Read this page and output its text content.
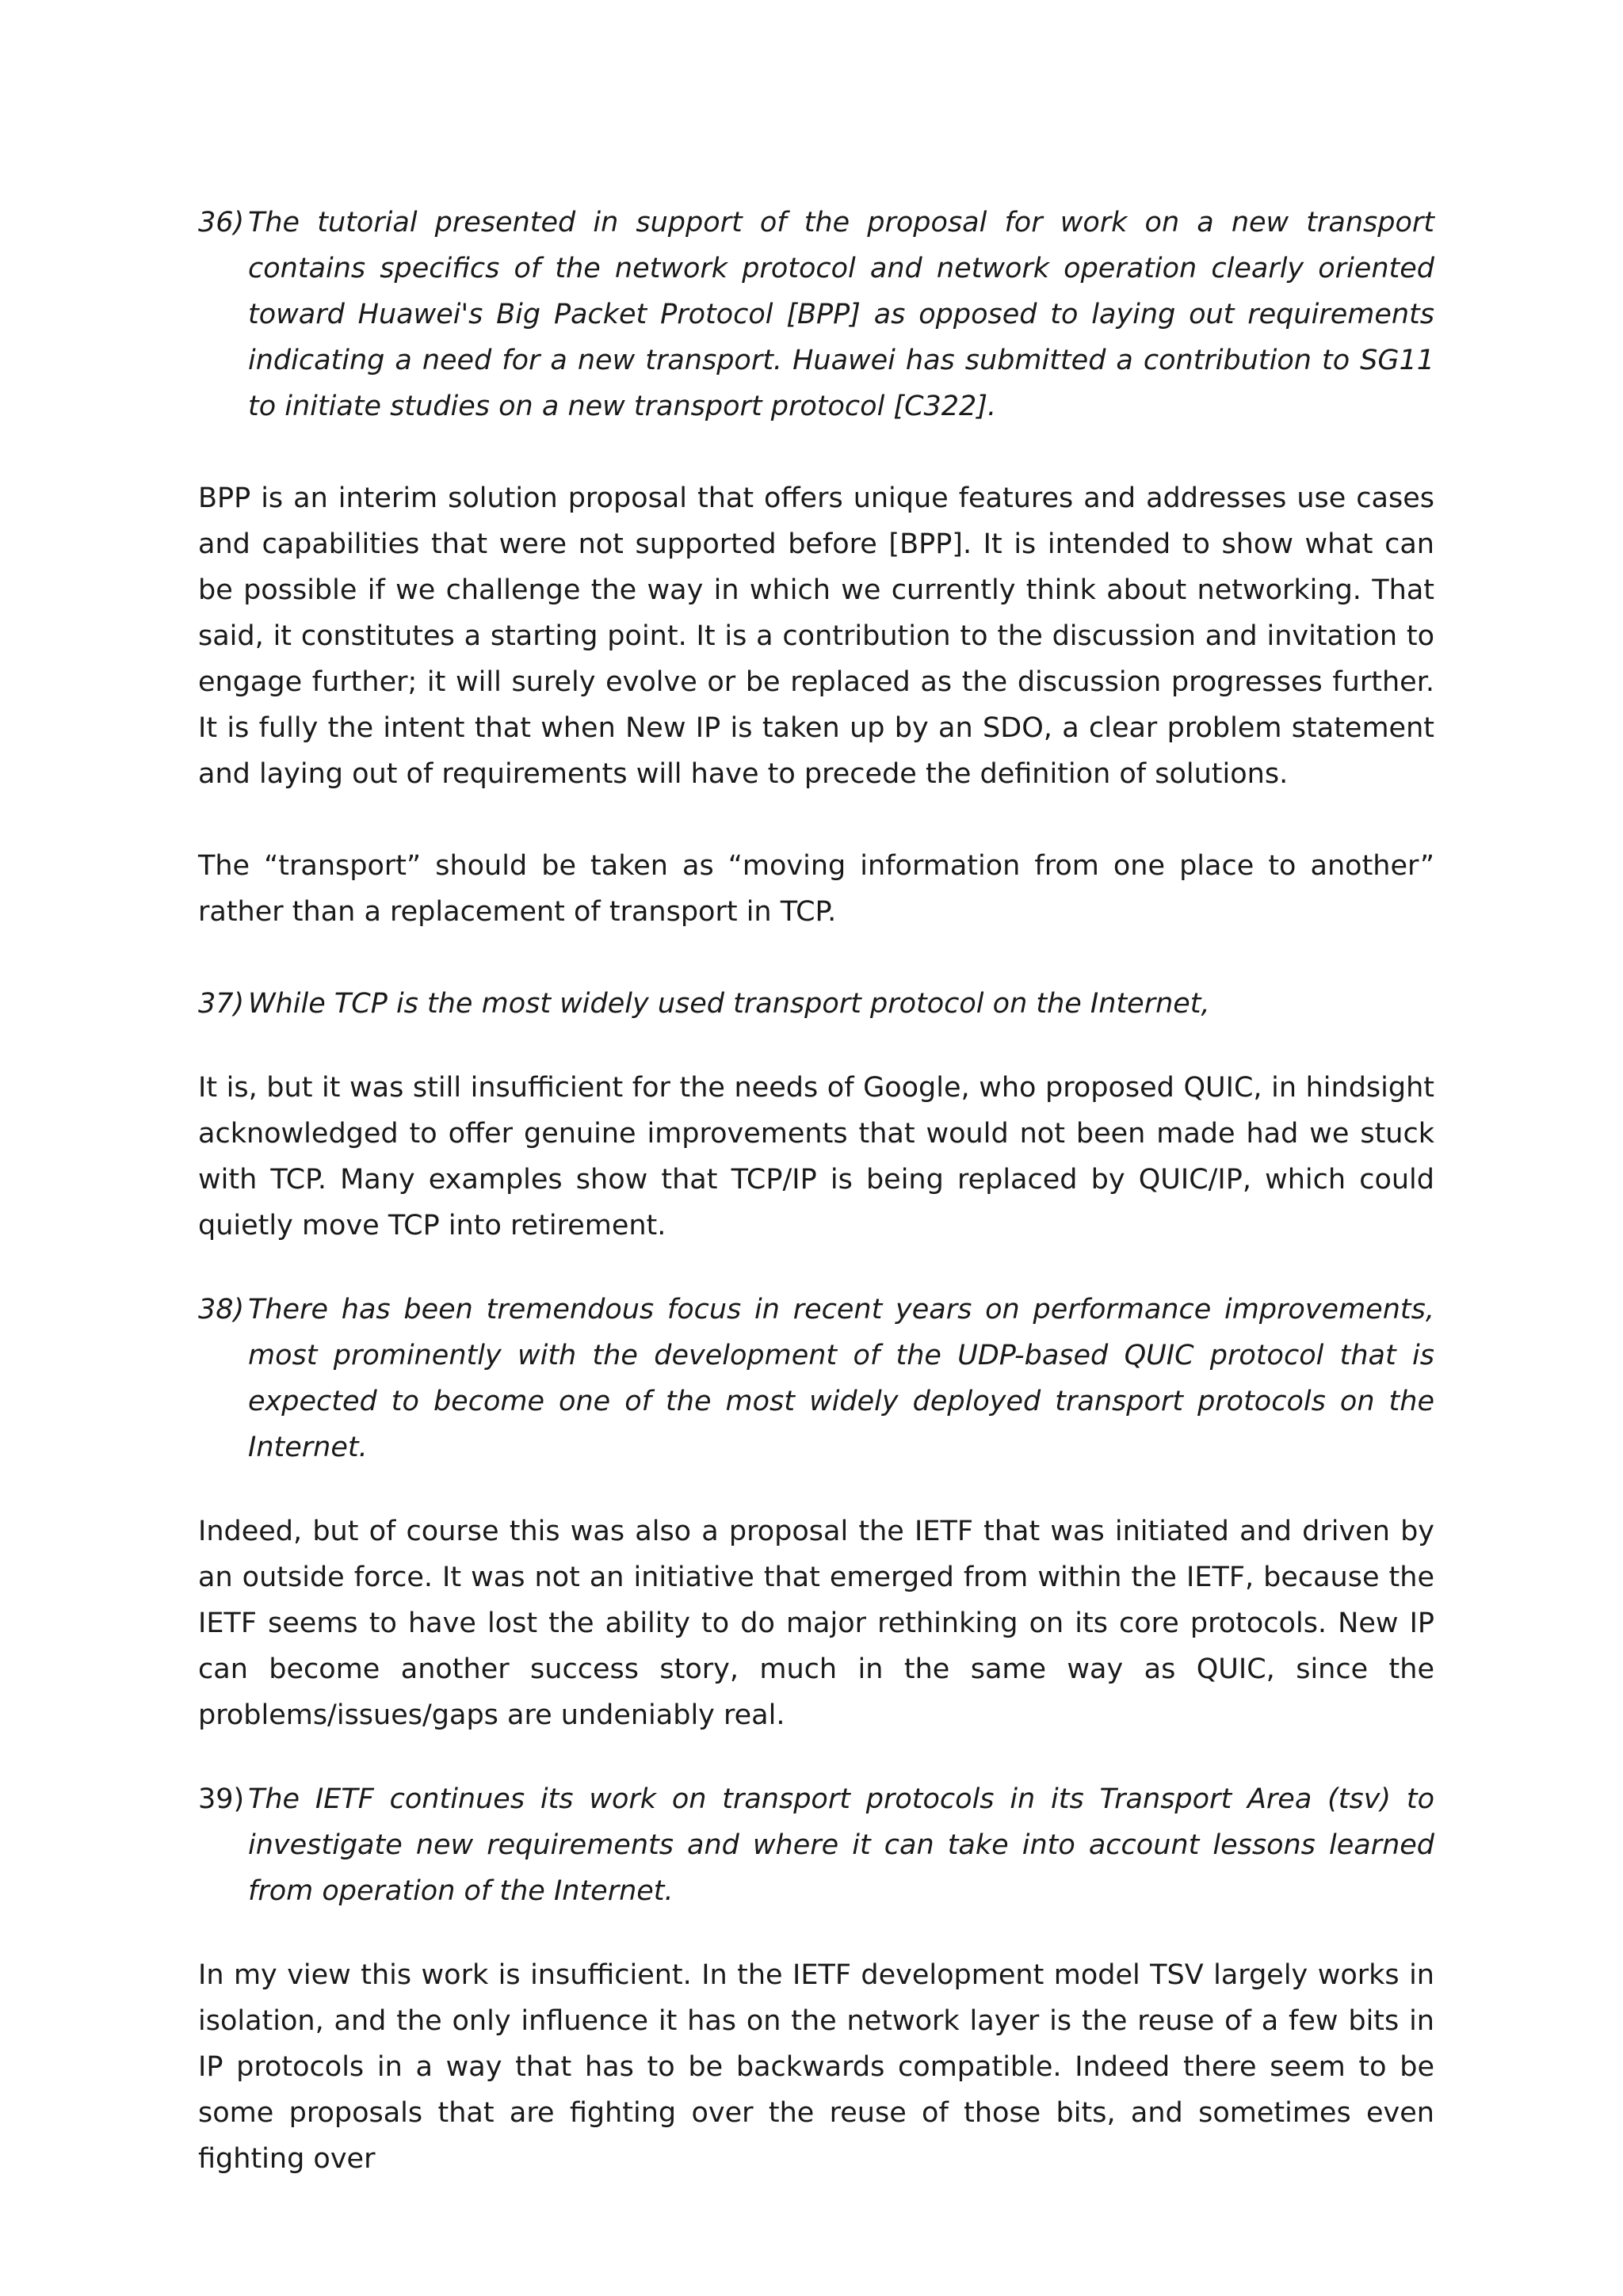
36) The tutorial presented in support of the proposal for work on a new transport contains specifics of the network protocol and network operation clearly oriented toward Huawei's Big Packet Protocol [BPP] as opposed to laying out requirements indicating a need for a new transport. Huawei has submitted a contribution to SG11 to initiate studies on a new transport protocol [C322].

BPP is an interim solution proposal that offers unique features and addresses use cases and capabilities that were not supported before [BPP]. It is intended to show what can be possible if we challenge the way in which we currently think about networking. That said, it constitutes a starting point. It is a contribution to the discussion and invitation to engage further; it will surely evolve or be replaced as the discussion progresses further. It is fully the intent that when New IP is taken up by an SDO, a clear problem statement and laying out of requirements will have to precede the definition of solutions.

The “transport” should be taken as “moving information from one place to another” rather than a replacement of transport in TCP.

37) While TCP is the most widely used transport protocol on the Internet,

It is, but it was still insufficient for the needs of Google, who proposed QUIC, in hindsight acknowledged to offer genuine improvements that would not been made had we stuck with TCP. Many examples show that TCP/IP is being replaced by QUIC/IP, which could quietly move TCP into retirement.

38) There has been tremendous focus in recent years on performance improvements, most prominently with the development of the UDP-based QUIC protocol that is expected to become one of the most widely deployed transport protocols on the Internet.

Indeed, but of course this was also a proposal the IETF that was initiated and driven by an outside force. It was not an initiative that emerged from within the IETF, because the IETF seems to have lost the ability to do major rethinking on its core protocols. New IP can become another success story, much in the same way as QUIC, since the problems/issues/gaps are undeniably real.

39) The IETF continues its work on transport protocols in its Transport Area (tsv) to investigate new requirements and where it can take into account lessons learned from operation of the Internet.

In my view this work is insufficient. In the IETF development model TSV largely works in isolation, and the only influence it has on the network layer is the reuse of a few bits in IP protocols in a way that has to be backwards compatible. Indeed there seem to be some proposals that are fighting over the reuse of those bits, and sometimes even fighting over
